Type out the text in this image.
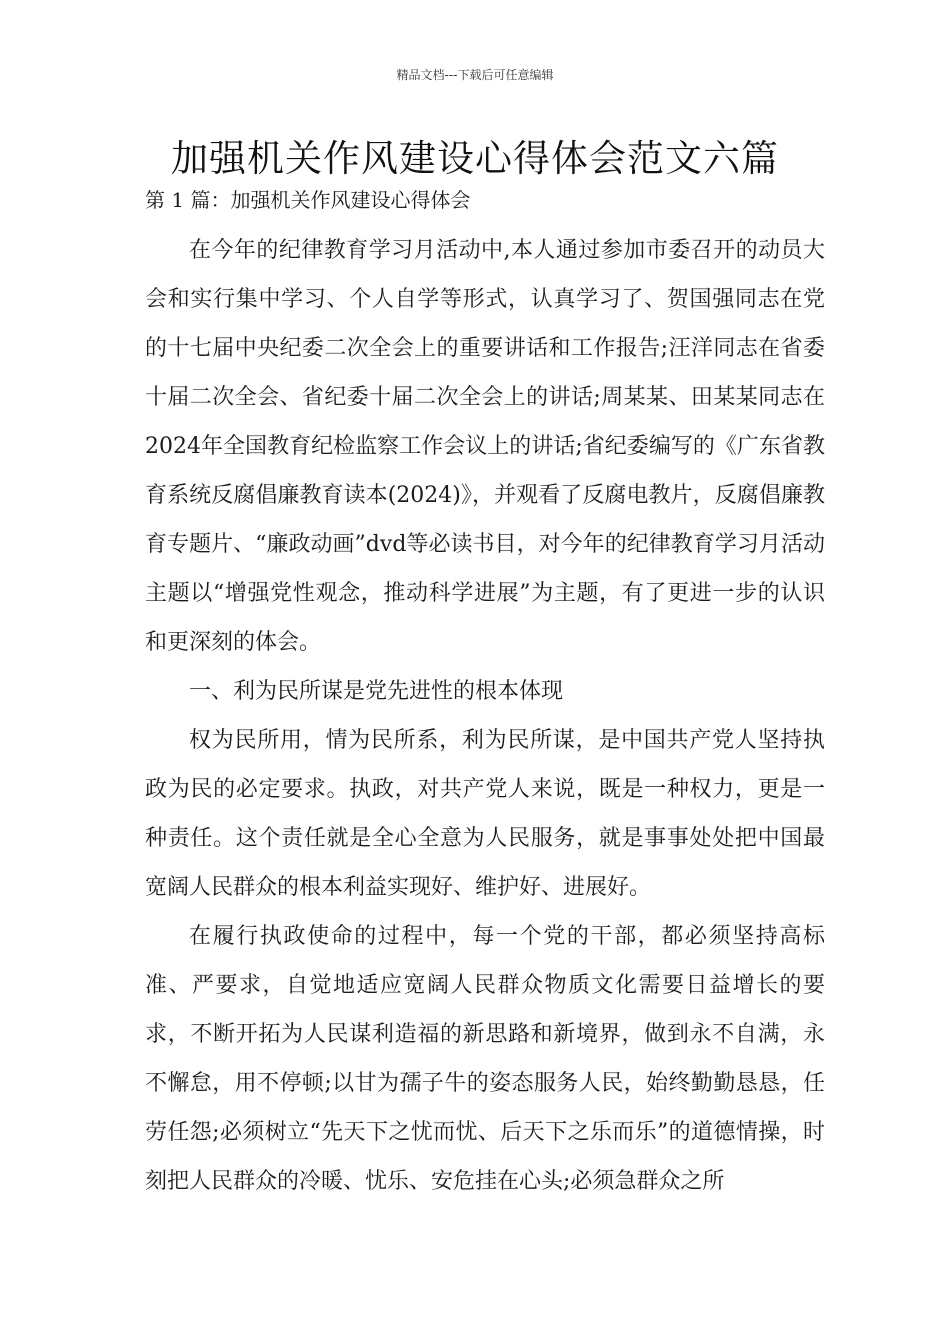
精品文档---下载后可任意编辑
加强机关作风建设心得体会范文六篇

第 1 篇：加强机关作风建设心得体会

在今年的纪律教育学习月活动中,本人通过参加市委召开的动员大会和实行集中学习、个人自学等形式，认真学习了、贺国强同志在党的十七届中央纪委二次全会上的重要讲话和工作报告;汪洋同志在省委十届二次全会、省纪委十届二次全会上的讲话;周某某、田某某同志在2024年全国教育纪检监察工作会议上的讲话;省纪委编写的《广东省教育系统反腐倡廉教育读本(2024)》，并观看了反腐电教片，反腐倡廉教育专题片、“廉政动画”dvd等必读书目，对今年的纪律教育学习月活动主题以“增强党性观念，推动科学进展”为主题，有了更进一步的认识和更深刻的体会。

一、利为民所谋是党先进性的根本体现

权为民所用，情为民所系，利为民所谋，是中国共产党人坚持执政为民的必定要求。执政，对共产党人来说，既是一种权力，更是一种责任。这个责任就是全心全意为人民服务，就是事事处处把中国最宽阔人民群众的根本利益实现好、维护好、进展好。

在履行执政使命的过程中，每一个党的干部，都必须坚持高标准、严要求，自觉地适应宽阔人民群众物质文化需要日益增长的要求，不断开拓为人民谋利造福的新思路和新境界，做到永不自满，永不懈怠，用不停顿;以甘为孺子牛的姿态服务人民，始终勤勤恳恳，任劳任怨;必须树立“先天下之忧而忧、后天下之乐而乐”的道德情操，时刻把人民群众的冷暖、忧乐、安危挂在心头;必须急群众之所
